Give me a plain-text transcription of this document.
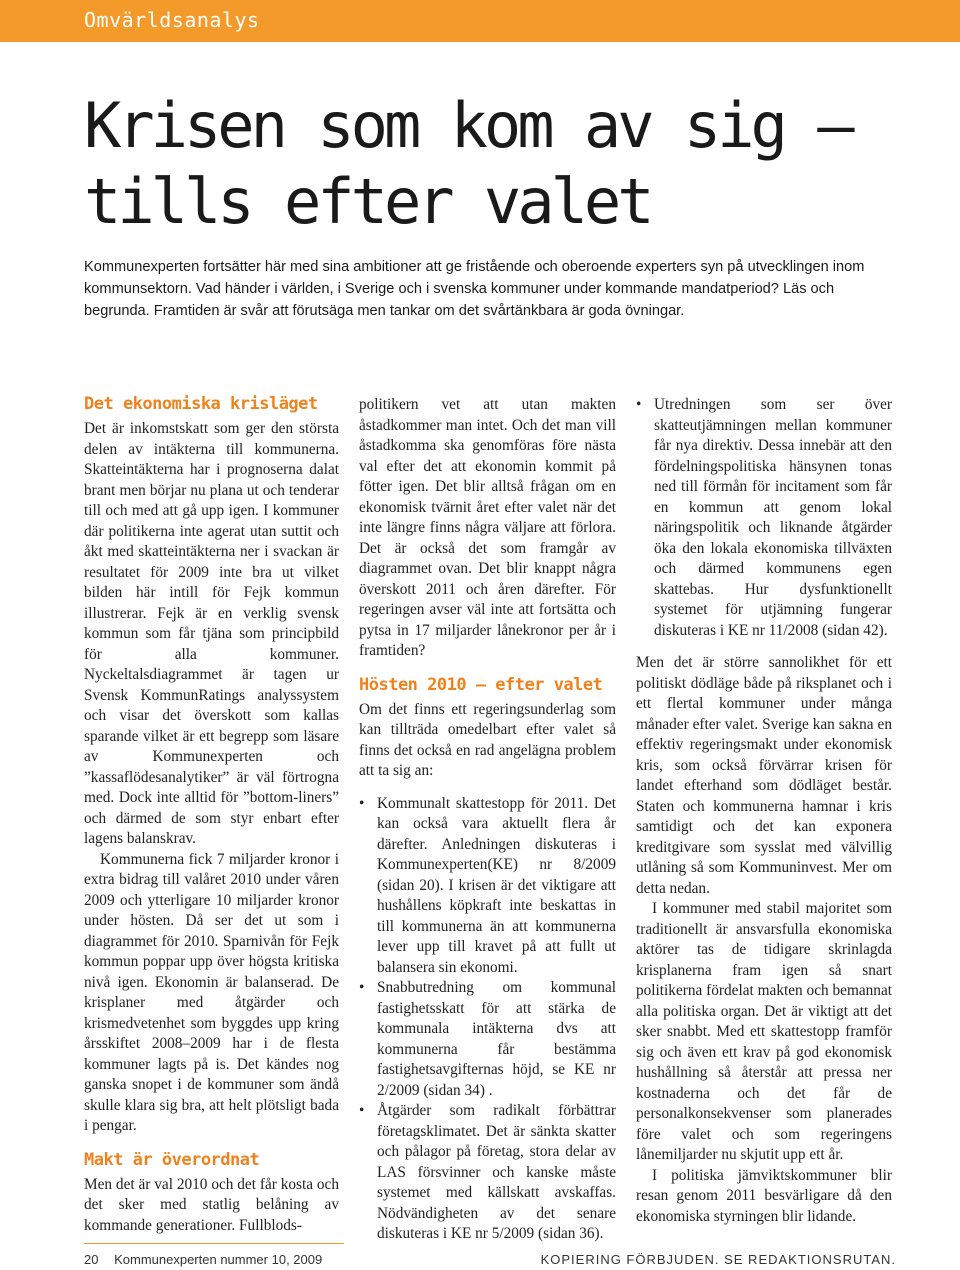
Omvärldsanalys
Krisen som kom av sig –
tills efter valet

Kommunexperten fortsätter här med sina ambitioner att ge fristående och oberoende experters syn på utvecklingen inom kommunsektorn. Vad händer i världen, i Sverige och i svenska kommuner under kommande mandatperiod? Läs och begrunda. Framtiden är svår att förutsäga men tankar om det svårtänkbara är goda övningar.

Det ekonomiska krisläget

Det är inkomstskatt som ger den största delen av intäkterna till kommunerna. Skatteintäkterna har i prognoserna dalat brant men börjar nu plana ut och tenderar till och med att gå upp igen. I kommuner där politikerna inte agerat utan suttit och åkt med skatteintäkterna ner i svackan är resultatet för 2009 inte bra ut vilket bilden här intill för Fejk kommun illustrerar. Fejk är en verklig svensk kommun som får tjäna som principbild för alla kommuner. Nyckeltalsdiagrammet är tagen ur Svensk KommunRatings analyssystem och visar det överskott som kallas sparande vilket är ett begrepp som läsare av Kommunexperten och ”kassaflödesanalytiker” är väl förtrogna med. Dock inte alltid för ”bottom-liners” och därmed de som styr enbart efter lagens balanskrav.

Kommunerna fick 7 miljarder kronor i extra bidrag till valåret 2010 under våren 2009 och ytterligare 10 miljarder kronor under hösten. Då ser det ut som i diagrammet för 2010. Sparnivån för Fejk kommun poppar upp över högsta kritiska nivå igen. Ekonomin är balanserad. De krisplaner med åtgärder och krismedvetenhet som byggdes upp kring årsskiftet 2008–2009 har i de flesta kommuner lagts på is. Det kändes nog ganska snopet i de kommuner som ändå skulle klara sig bra, att helt plötsligt bada i pengar.

Makt är överordnat

Men det är val 2010 och det får kosta och det sker med statlig belåning av kommande generationer. Fullblods-

politikern vet att utan makten åstadkommer man intet. Och det man vill åstadkomma ska genomföras före nästa val efter det att ekonomin kommit på fötter igen. Det blir alltså frågan om en ekonomisk tvärnit året efter valet när det inte längre finns några väljare att förlora. Det är också det som framgår av diagrammet ovan. Det blir knappt några överskott 2011 och åren därefter. För regeringen avser väl inte att fortsätta och pytsa in 17 miljarder lånekronor per år i framtiden?

Hösten 2010 – efter valet

Om det finns ett regeringsunderlag som kan tillträda omedelbart efter valet så finns det också en rad angelägna problem att ta sig an:

• Kommunalt skattestopp för 2011. Det kan också vara aktuellt flera år därefter. Anledningen diskuteras i Kommunexperten(KE) nr 8/2009 (sidan 20). I krisen är det viktigare att hushållens köpkraft inte beskattas in till kommunerna än att kommunerna lever upp till kravet på att fullt ut balansera sin ekonomi.
• Snabbutredning om kommunal fastighetsskatt för att stärka de kommunala intäkterna dvs att kommunerna får bestämma fastighetsavgifternas höjd, se KE nr 2/2009 (sidan 34) .
• Åtgärder som radikalt förbättrar företagsklimatet. Det är sänkta skatter och pålagor på företag, stora delar av LAS försvinner och kanske måste systemet med källskatt avskaffas. Nödvändigheten av det senare diskuteras i KE nr 5/2009 (sidan 36).
• Utredningen som ser över skatteutjämningen mellan kommuner får nya direktiv. Dessa innebär att den fördelningspolitiska hänsynen tonas ned till förmån för incitament som får en kommun att genom lokal näringspolitik och liknande åtgärder öka den lokala ekonomiska tillväxten och därmed kommunens egen skattebas. Hur dysfunktionellt systemet för utjämning fungerar diskuteras i KE nr 11/2008 (sidan 42).

Men det är större sannolikhet för ett politiskt dödläge både på riksplanet och i ett flertal kommuner under många månader efter valet. Sverige kan sakna en effektiv regeringsmakt under ekonomisk kris, som också förvärrar krisen för landet efterhand som dödläget består. Staten och kommunerna hamnar i kris samtidigt och det kan exponera kreditgivare som sysslat med välvillig utlåning så som Kommuninvest. Mer om detta nedan.

I kommuner med stabil majoritet som traditionellt är ansvarsfulla ekonomiska aktörer tas de tidigare skrinlagda krisplanerna fram igen så snart politikerna fördelat makten och bemannat alla politiska organ. Det är viktigt att det sker snabbt. Med ett skattestopp framför sig och även ett krav på god ekonomisk hushållning så återstår att pressa ner kostnaderna och det får de personalkonsekvenser som planerades före valet och som regeringens lånemiljarder nu skjutit upp ett år.

I politiska jämviktskommuner blir resan genom 2011 besvärligare då den ekonomiska styrningen blir lidande.

20 Kommunexperten nummer 10, 2009	KOPIERING FÖRBJUDEN. SE REDAKTIONSRUTAN.
